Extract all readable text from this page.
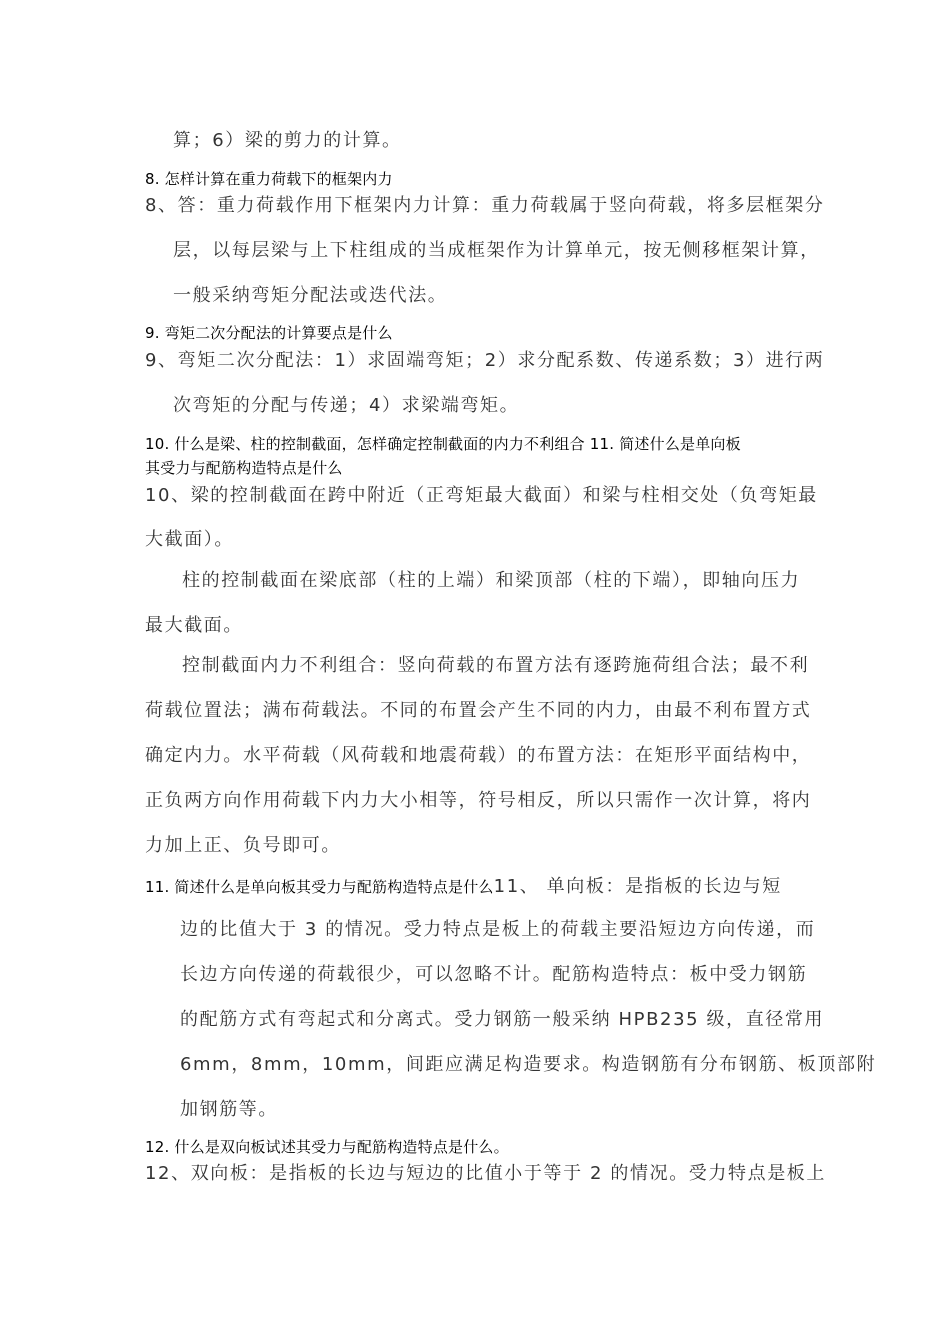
算；6）梁的剪力的计算。
8. 怎样计算在重力荷载下的框架内力
8、答：重力荷载作用下框架内力计算：重力荷载属于竖向荷载，将多层框架分
层，以每层梁与上下柱组成的当成框架作为计算单元，按无侧移框架计算，
一般采纳弯矩分配法或迭代法。
9. 弯矩二次分配法的计算要点是什么
9、弯矩二次分配法：1）求固端弯矩；2）求分配系数、传递系数；3）进行两
次弯矩的分配与传递；4）求梁端弯矩。
10. 什么是梁、柱的控制截面，怎样确定控制截面的内力不利组合 11. 简述什么是单向板
其受力与配筋构造特点是什么
10、梁的控制截面在跨中附近（正弯矩最大截面）和梁与柱相交处（负弯矩最
大截面）。
柱的控制截面在梁底部（柱的上端）和梁顶部（柱的下端），即轴向压力
最大截面。
控制截面内力不利组合：竖向荷载的布置方法有逐跨施荷组合法；最不利
荷载位置法；满布荷载法。不同的布置会产生不同的内力，由最不利布置方式
确定内力。水平荷载（风荷载和地震荷载）的布置方法：在矩形平面结构中，
正负两方向作用荷载下内力大小相等，符号相反，所以只需作一次计算，将内
力加上正、负号即可。
11. 简述什么是单向板其受力与配筋构造特点是什么11、 单向板：是指板的长边与短
边的比值大于 3 的情况。受力特点是板上的荷载主要沿短边方向传递，而
长边方向传递的荷载很少，可以忽略不计。配筋构造特点：板中受力钢筋
的配筋方式有弯起式和分离式。受力钢筋一般采纳 HPB235 级，直径常用
6mm，8mm，10mm，间距应满足构造要求。构造钢筋有分布钢筋、板顶部附
加钢筋等。
12. 什么是双向板试述其受力与配筋构造特点是什么。
12、双向板：是指板的长边与短边的比值小于等于 2 的情况。受力特点是板上
